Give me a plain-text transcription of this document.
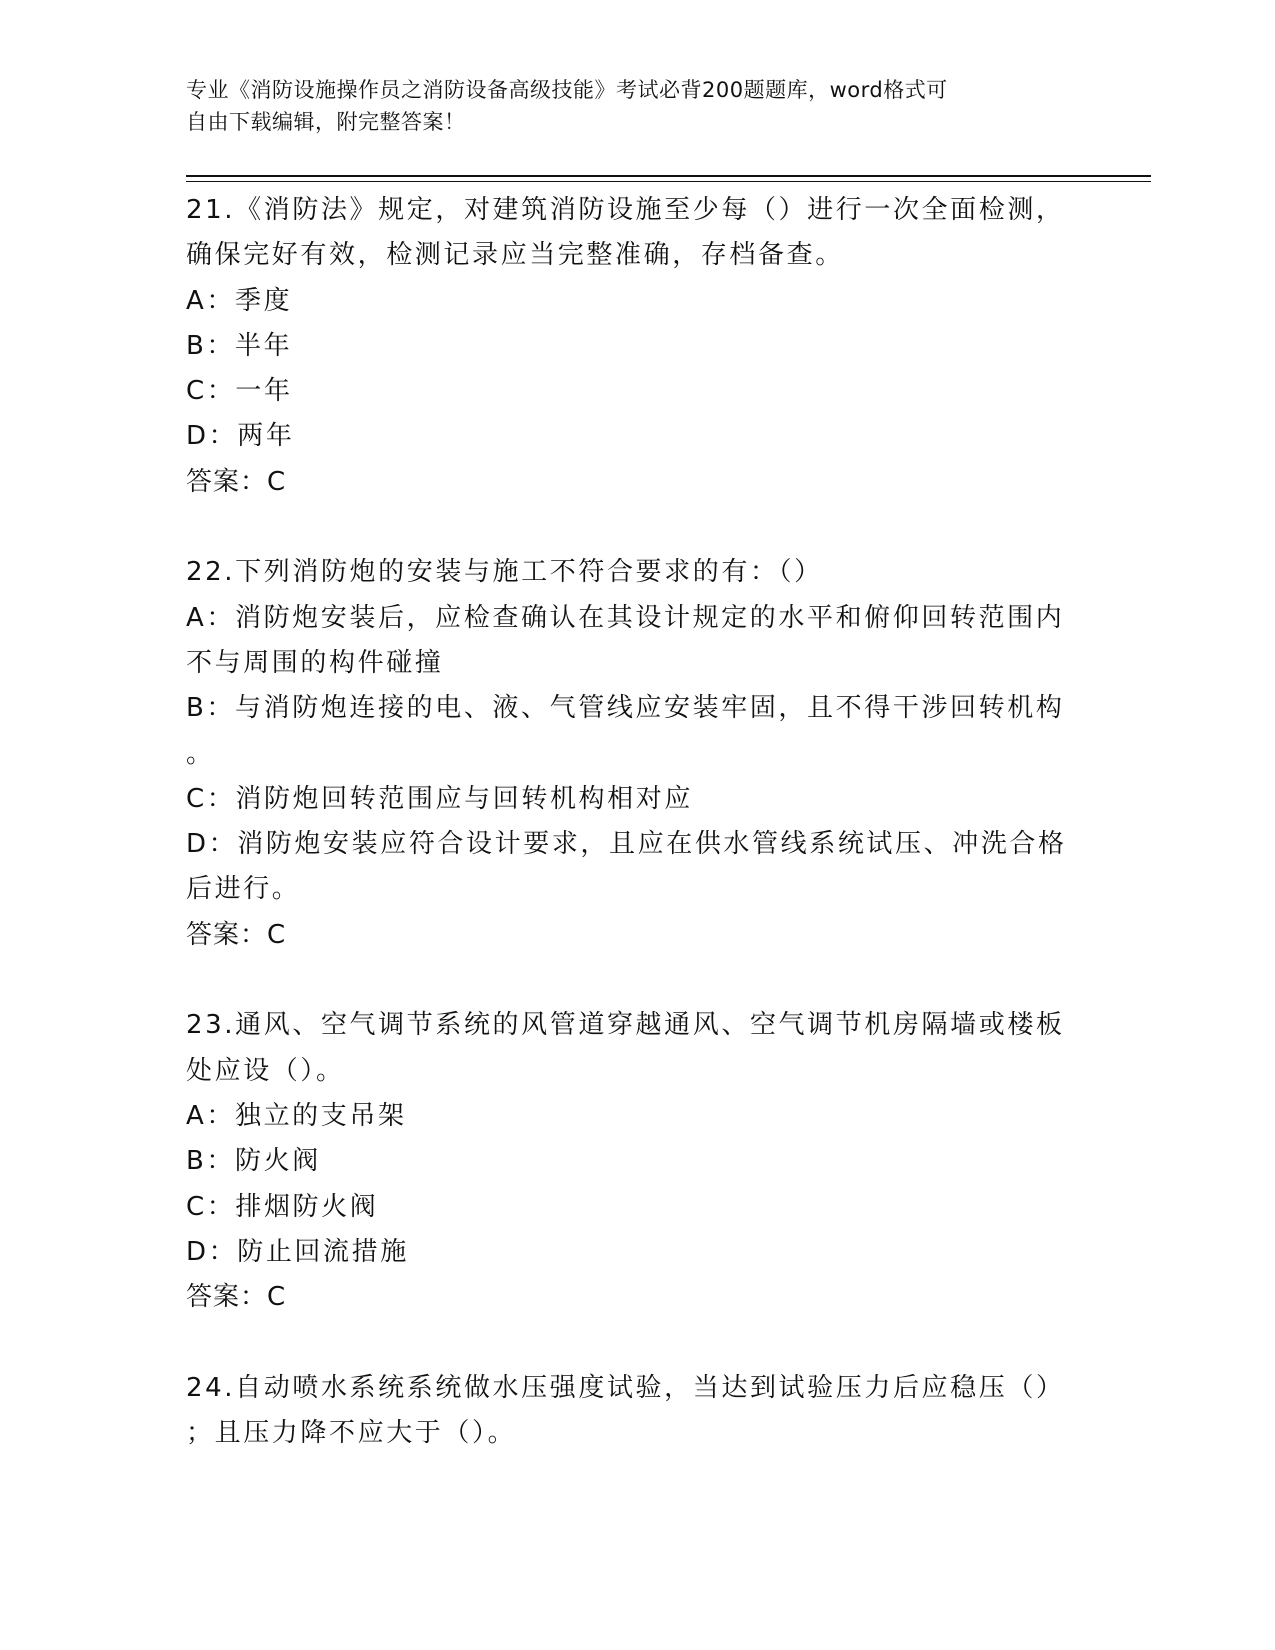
专业《消防设施操作员之消防设备高级技能》考试必背200题题库，word格式可
自由下载编辑，附完整答案！
21.《消防法》规定，对建筑消防设施至少每（）进行一次全面检测，
确保完好有效，检测记录应当完整准确，存档备查。
A：季度
B：半年
C：一年
D：两年
答案：C
22.下列消防炮的安装与施工不符合要求的有：（）
A：消防炮安装后，应检查确认在其设计规定的水平和俯仰回转范围内
不与周围的构件碰撞
B：与消防炮连接的电、液、气管线应安装牢固，且不得干涉回转机构
。
C：消防炮回转范围应与回转机构相对应
D：消防炮安装应符合设计要求，且应在供水管线系统试压、冲洗合格
后进行。
答案：C
23.通风、空气调节系统的风管道穿越通风、空气调节机房隔墙或楼板
处应设（）。
A：独立的支吊架
B：防火阀
C：排烟防火阀
D：防止回流措施
答案：C
24.自动喷水系统系统做水压强度试验，当达到试验压力后应稳压（）
；且压力降不应大于（）。
